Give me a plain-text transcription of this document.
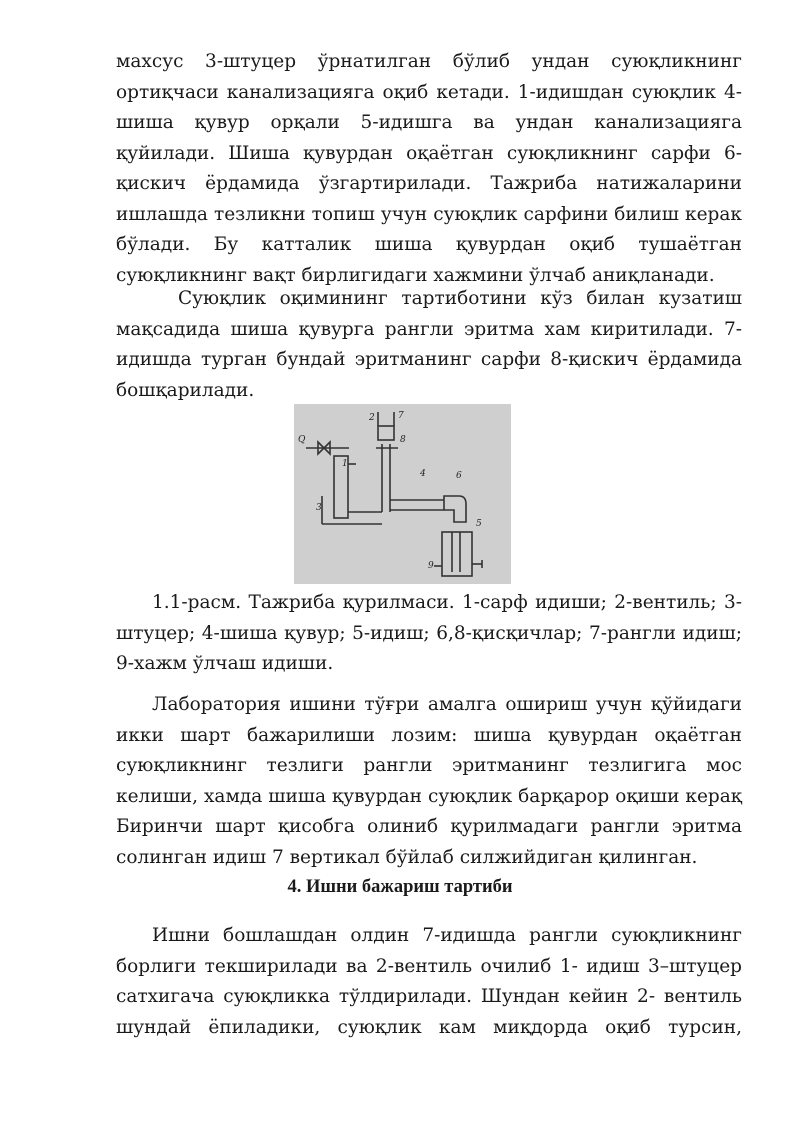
махсус 3-штуцер ўрнатилган бўлиб ундан суюқликнинг ортиқчаси канализацияга оқиб кетади. 1-идишдан суюқлик 4-шиша қувур орқали 5-идишга ва ундан канализацияга қуйилади. Шиша қувурдан оқаётган суюқликнинг сарфи 6-қискич ёрдамида ўзгартирилади. Тажриба натижаларини ишлашда тезликни топиш учун суюқлик сарфини билиш керак бўлади. Бу катталик шиша қувурдан оқиб тушаётган суюқликнинг вақт бирлигидаги хажмини ўлчаб аниқланади.

Суюқлик оқимининг тартиботини кўз билан кузатиш мақсадида шиша қувурга рангли эритма хам киритилади. 7-идишда турган бундай эритманинг сарфи 8-қискич ёрдамида бошқарилади.

Q
1
2
3
4
5
6
7
8
9

1.1-расм. Тажриба қурилмаси. 1-сарф идиши; 2-вентиль; 3-штуцер; 4-шиша қувур; 5-идиш; 6,8-қисқичлар; 7-рангли идиш; 9-хажм ўлчаш идиши.

Лаборатория ишини тўғри амалга ошириш учун қўйидаги икки шарт бажарилиши лозим: шиша қувурдан оқаётган суюқликнинг тезлиги рангли эритманинг тезлигига мос келиши, хамда шиша қувурдан суюқлик барқарор оқиши керақ Биринчи шарт қисобга олиниб қурилмадаги рангли эритма солинган идиш 7 вертикал бўйлаб силжийдиган қилинган.

4. Ишни бажариш тартиби

Ишни бошлашдан олдин 7-идишда рангли суюқликнинг борлиги текширилади ва 2-вентиль очилиб 1- идиш 3–штуцер сатхигача суюқликка тўлдирилади. Шундан кейин 2- вентиль шундай ёпиладики, суюқлик кам миқдорда оқиб турсин,
